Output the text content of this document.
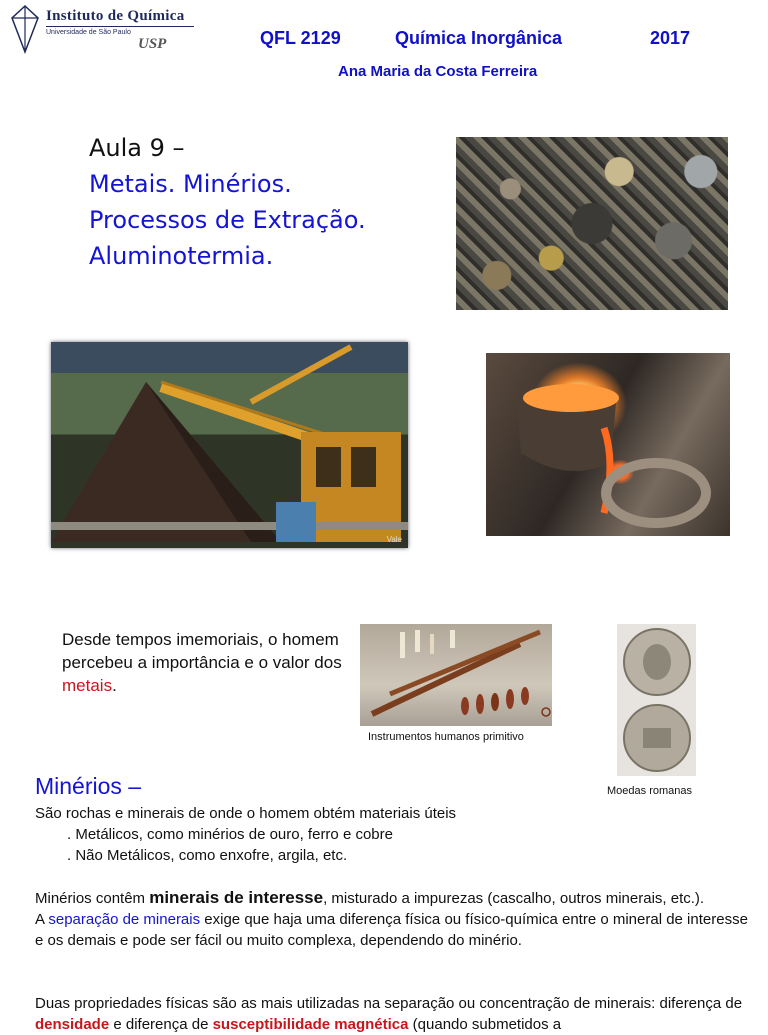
Instituto de Química
Universidade de São Paulo
USP	QFL 2129	Química Inorgânica	2017
Ana Maria da Costa Ferreira
Aula 9 –
Metais. Minérios.
Processos de Extração.
Aluminotermia.
Vale
Instrumentos humanos primitivo
Moedas romanas
Desde tempos imemoriais, o homem percebeu a importância e o valor dos metais.
Minérios –
São rochas e minerais de onde o homem obtém materiais úteis
. Metálicos, como minérios de ouro, ferro e cobre
. Não Metálicos, como enxofre, argila, etc.
Minérios contêm minerais de interesse, misturado a impurezas (cascalho, outros minerais, etc.).
A separação de minerais exige que haja uma diferença física ou físico-química entre o mineral de interesse e os demais e pode ser fácil ou muito complexa, dependendo do minério.
Duas propriedades físicas são as mais utilizadas na separação ou concentração de minerais: diferença de densidade e diferença de susceptibilidade magnética (quando submetidos a
